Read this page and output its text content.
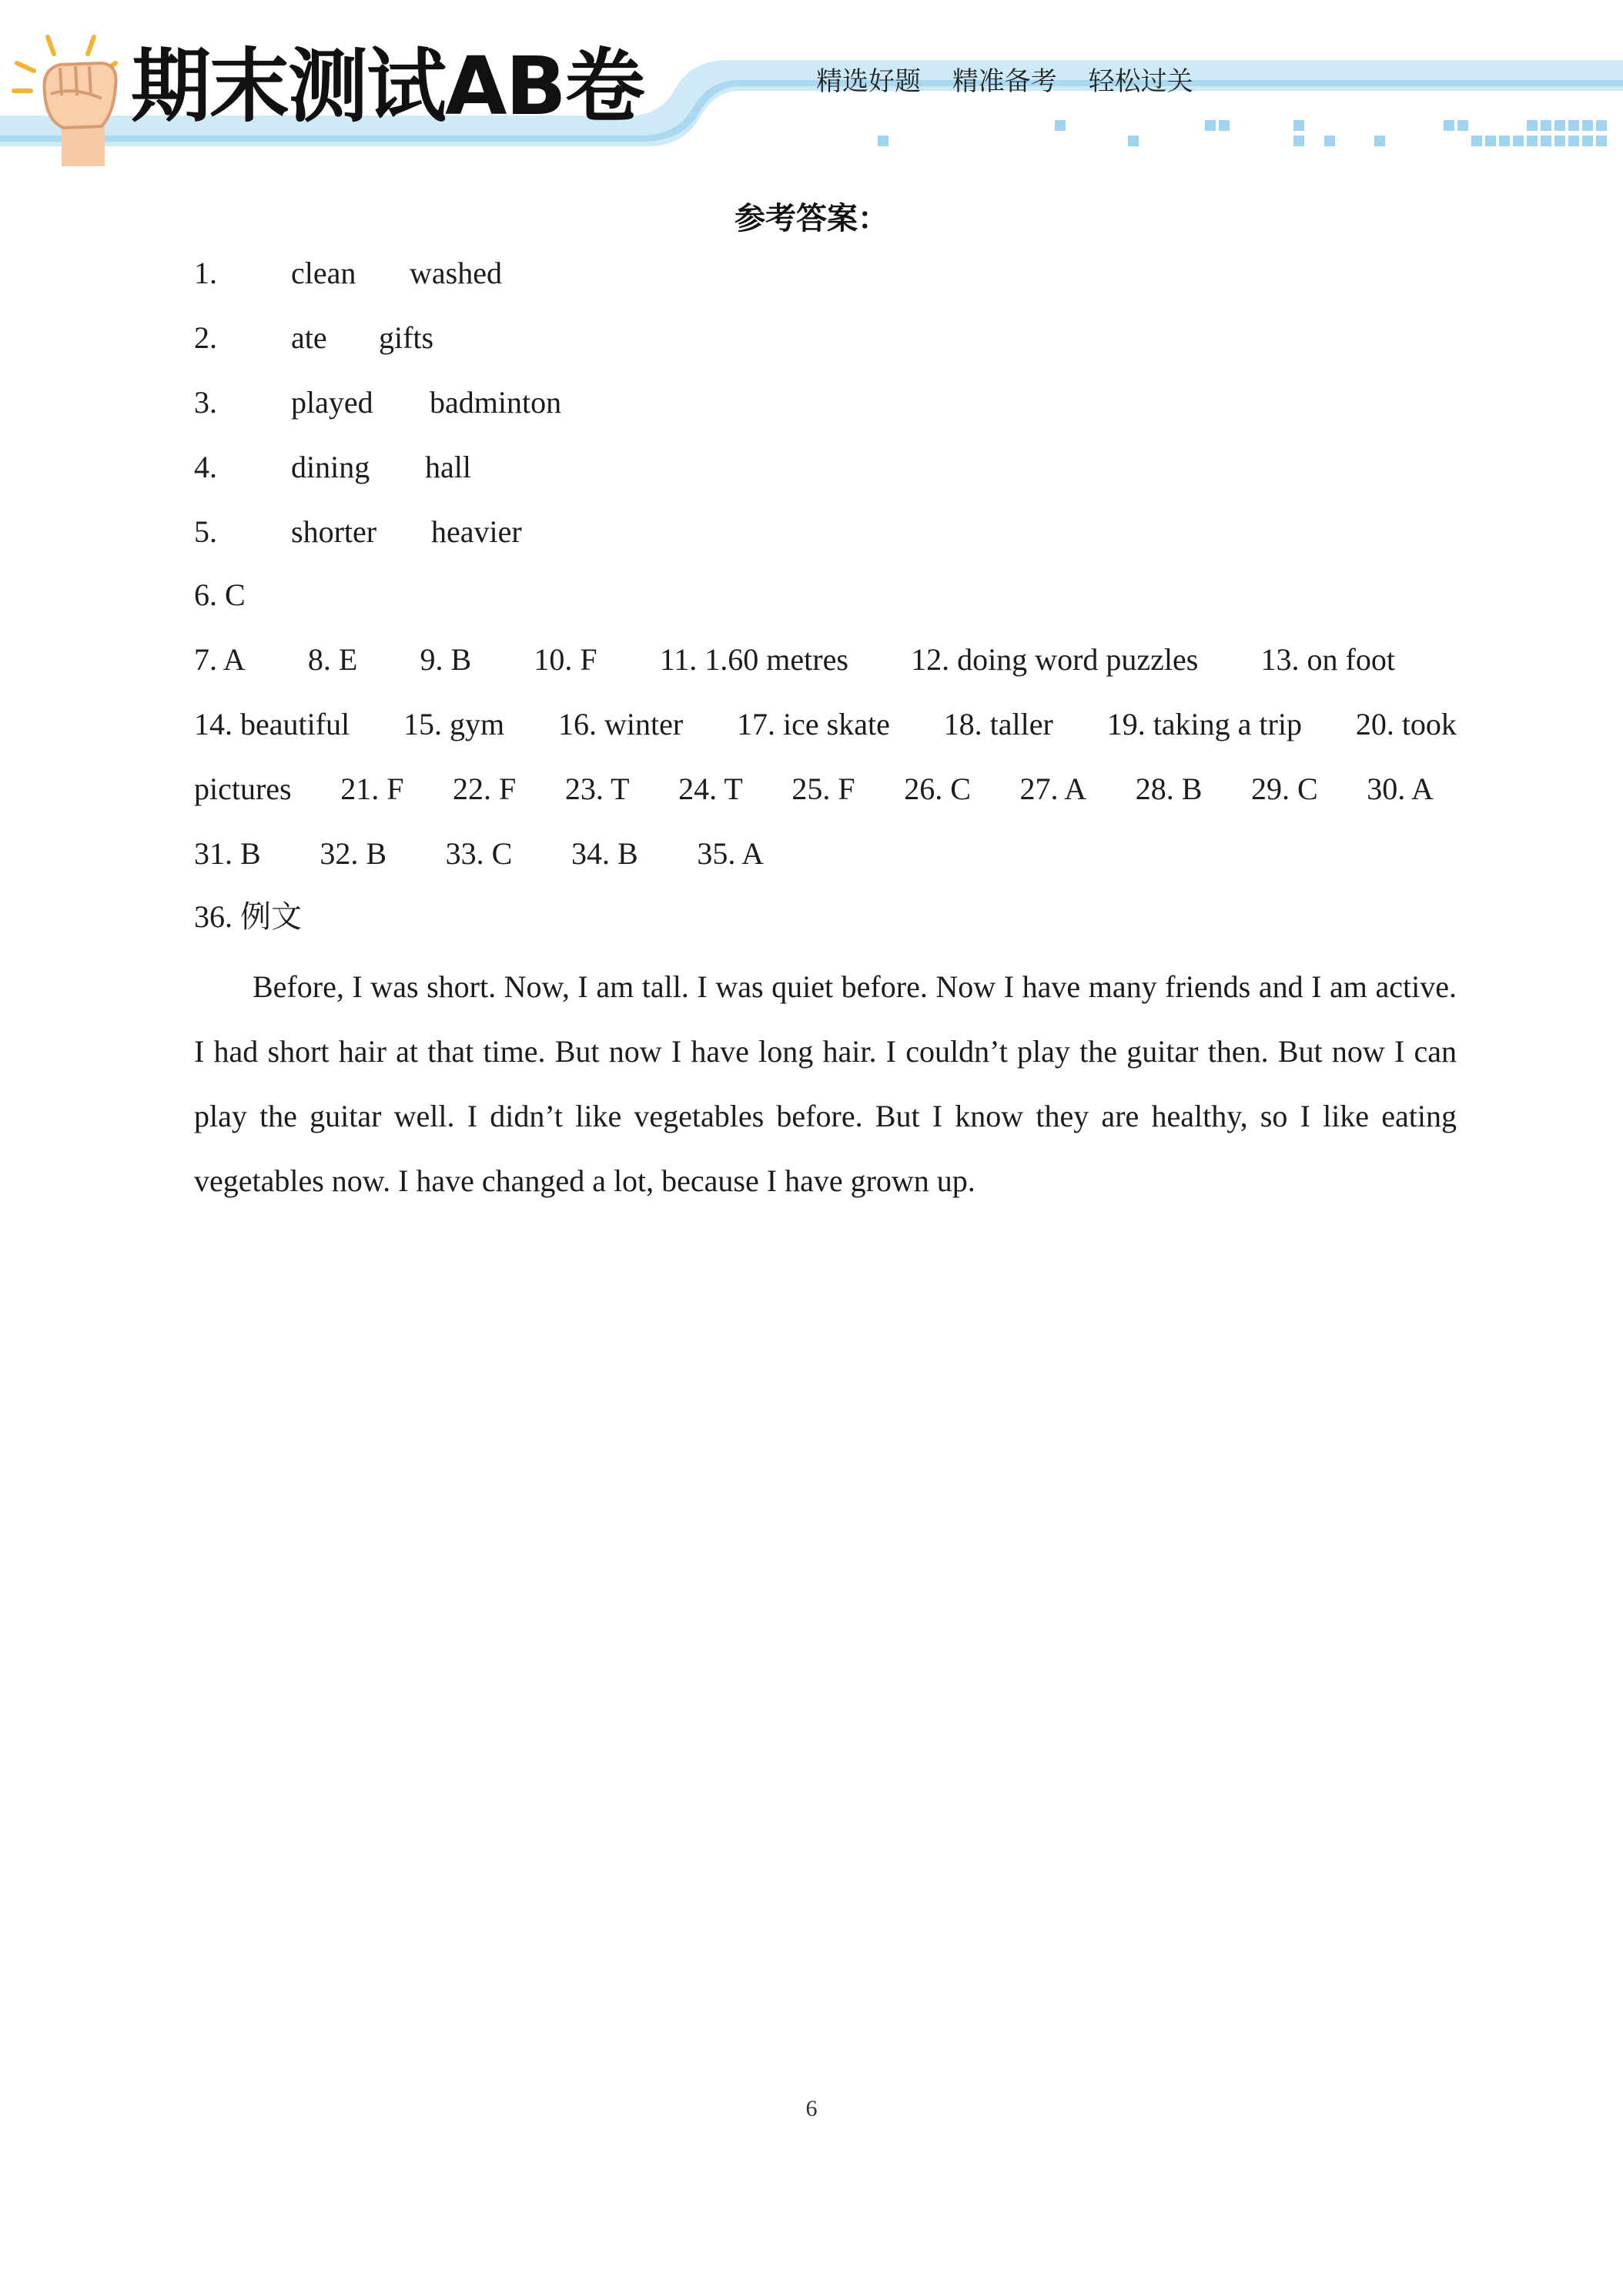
期末测试AB卷	精选好题 精准备考 轻松过关
参考答案：
1. clean washed
2. ate gifts
3. played badminton
4. dining hall
5. shorter heavier
6. C
7. A 8. E 9. B 10. F 11. 1.60 metres 12. doing word puzzles 13. on foot
14. beautiful 15. gym 16. winter 17. ice skate 18. taller 19. taking a trip 20. took
pictures 21. F 22. F 23. T 24. T 25. F 26. C 27. A 28. B 29. C 30. A
31. B 32. B 33. C 34. B 35. A
36. 例文

Before, I was short. Now, I am tall. I was quiet before. Now I have many friends and I am active. I had short hair at that time. But now I have long hair. I couldn’t play the guitar then. But now I can play the guitar well. I didn’t like vegetables before. But I know they are healthy, so I like eating vegetables now. I have changed a lot, because I have grown up.

6
